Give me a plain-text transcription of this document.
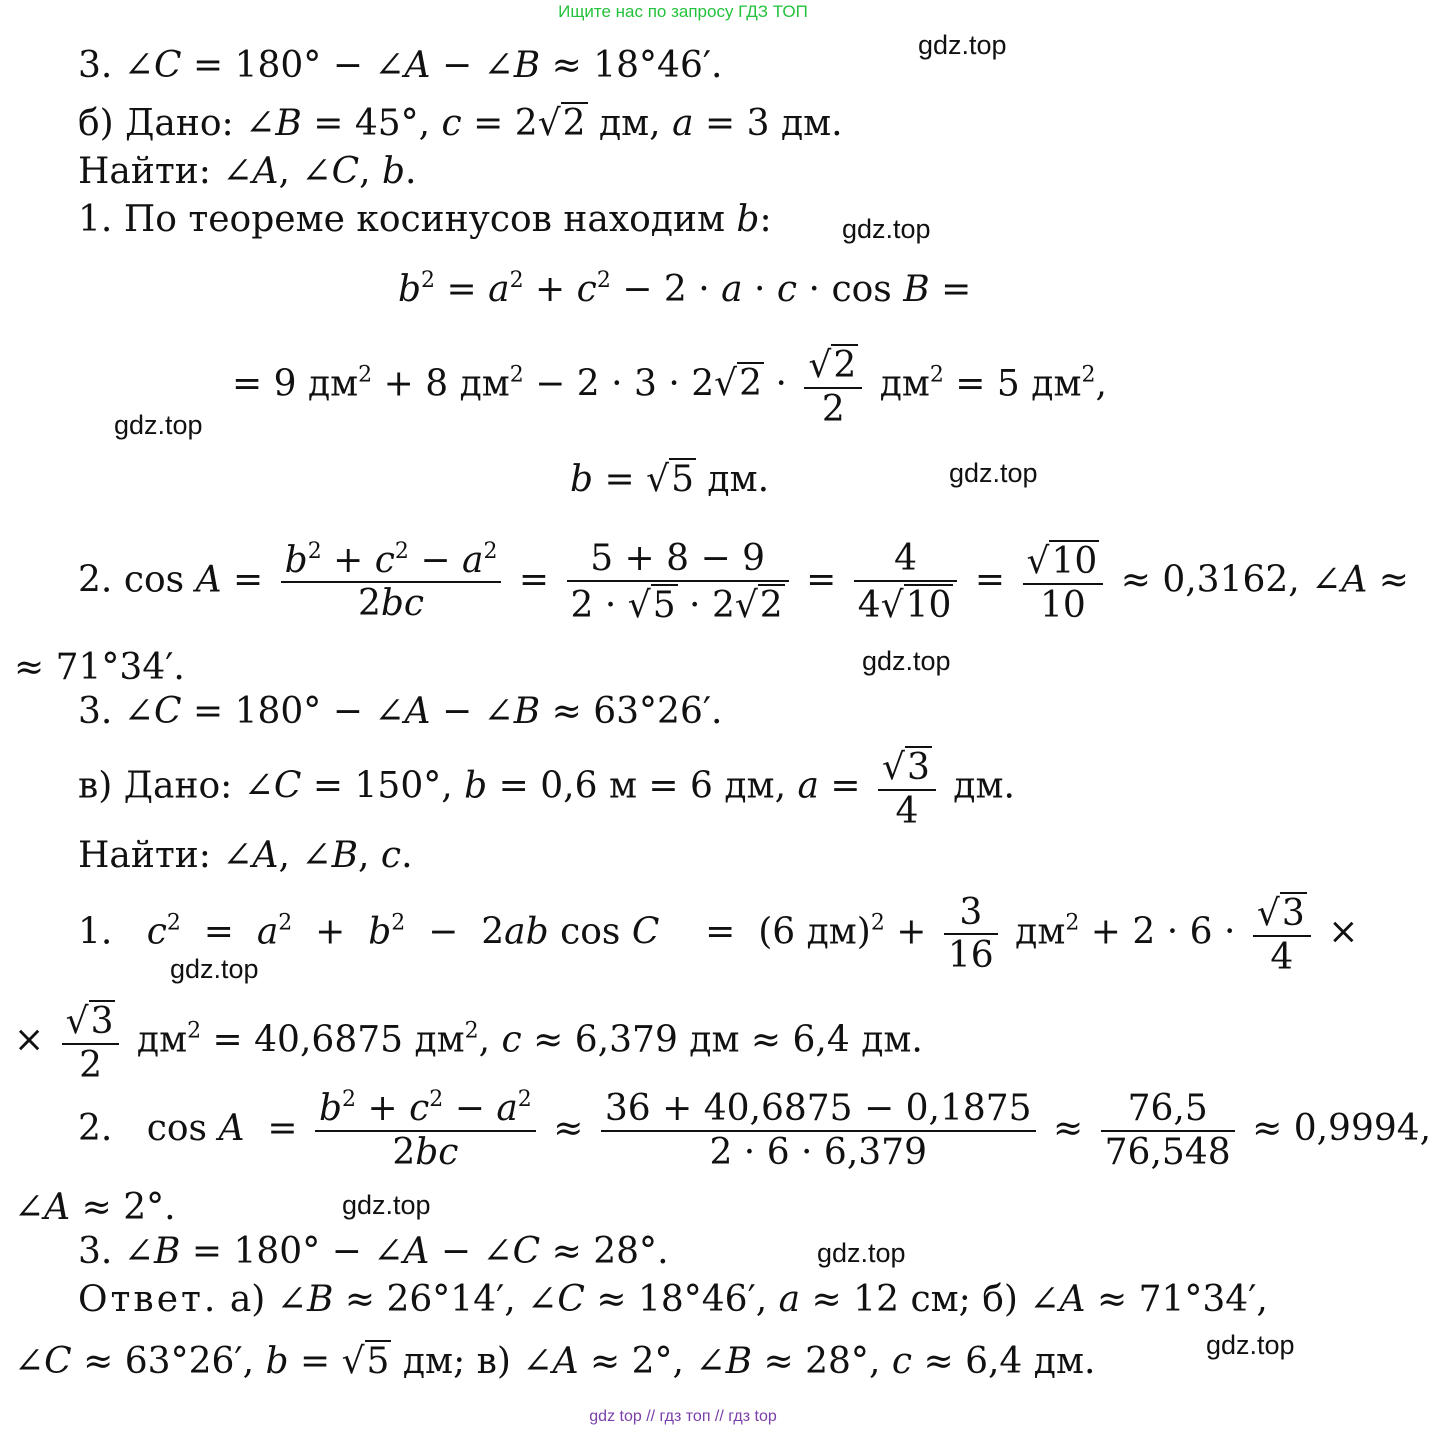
Ищите нас по запросу ГДЗ ТОП
gdz.top
gdz.top
gdz.top
gdz.top
gdz.top
gdz.top
gdz.top
gdz.top
gdz.top
3. ∠C = 180° − ∠A − ∠B ≈ 18°46′.
б) Дано: ∠B = 45°, c = 2√2 дм, a = 3 дм.
Найти: ∠A, ∠C, b.
1. По теореме косинусов находим b:
$b^2 = a^2 + c^2 - 2 \cdot a \cdot c \cdot \cos B$ =
= 9 $дм^2 + 8$ $дм^2 - 2 \cdot 3 \cdot 2√2 \cdot \frac{√2}{2} дм^2 = 5$ $дм^2$,
b = √5 дм.
2. $\cos A = \frac{b^2 + c^2 - a^2}{2bc} = \frac{5 + 8 - 9}{2 \cdot √5 \cdot 2√2} = \frac{4}{4√10} = \frac{√10}{10} \approx 0,3162$, ∠A ≈
≈ 71°34′.
3. ∠C = 180° − ∠A − ∠B ≈ 63°26′.
в) Дано: ∠C = 150°, b = 0,6 м = 6 дм, $a = \frac{√3}{4}$ дм.
Найти: ∠A, ∠B, c.
1. $c^2 = a^2 + b^2 - 2ab$ cos C    =  (6 $дм)^2 + \frac{3}{16} дм^2 + 2 \cdot 6 \cdot \frac{√3}{4}$ ×
× $\frac{√3}{2} дм^2 = 40,6875$ $дм^2$, c ≈ 6,379 дм ≈ 6,4 дм.
2. $\cos A = \frac{b^2 + c^2 - a^2}{2bc} \approx \frac{36 + 40,6875 - 0,1875}{2 \cdot 6 \cdot 6,379} \approx \frac{76,5}{76,548} \approx 0,9994$,
∠A ≈ 2°.
3. ∠B = 180° − ∠A − ∠C ≈ 28°.
Ответ. а) ∠B ≈ 26°14′, ∠C ≈ 18°46′, a ≈ 12 см; б) ∠A ≈ 71°34′,
∠C ≈ 63°26′, b = √5 дм; в) ∠A ≈ 2°, ∠B ≈ 28°, c ≈ 6,4 дм.
gdz top // гдз топ // гдз top
